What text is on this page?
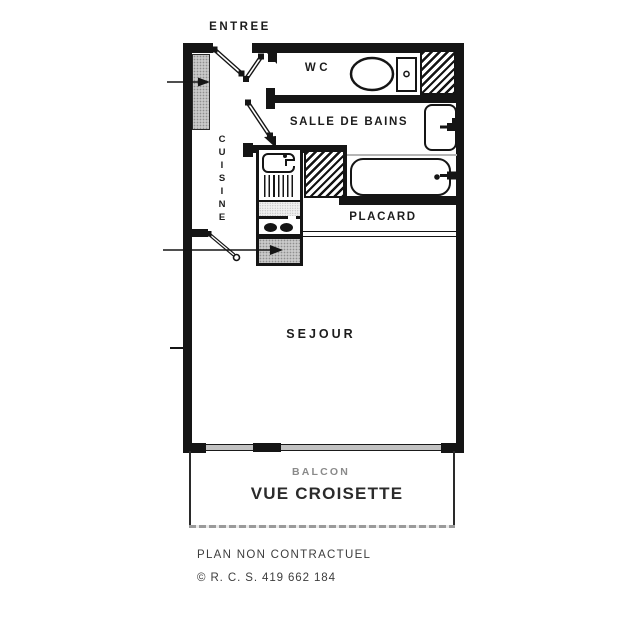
ENTREE
WC
SALLE DE BAINS
C
U
I
S
I
N
E	PLACARD
SEJOUR
BALCON
VUE CROISETTE
PLAN NON CONTRACTUEL
© R. C. S. 419 662 184
